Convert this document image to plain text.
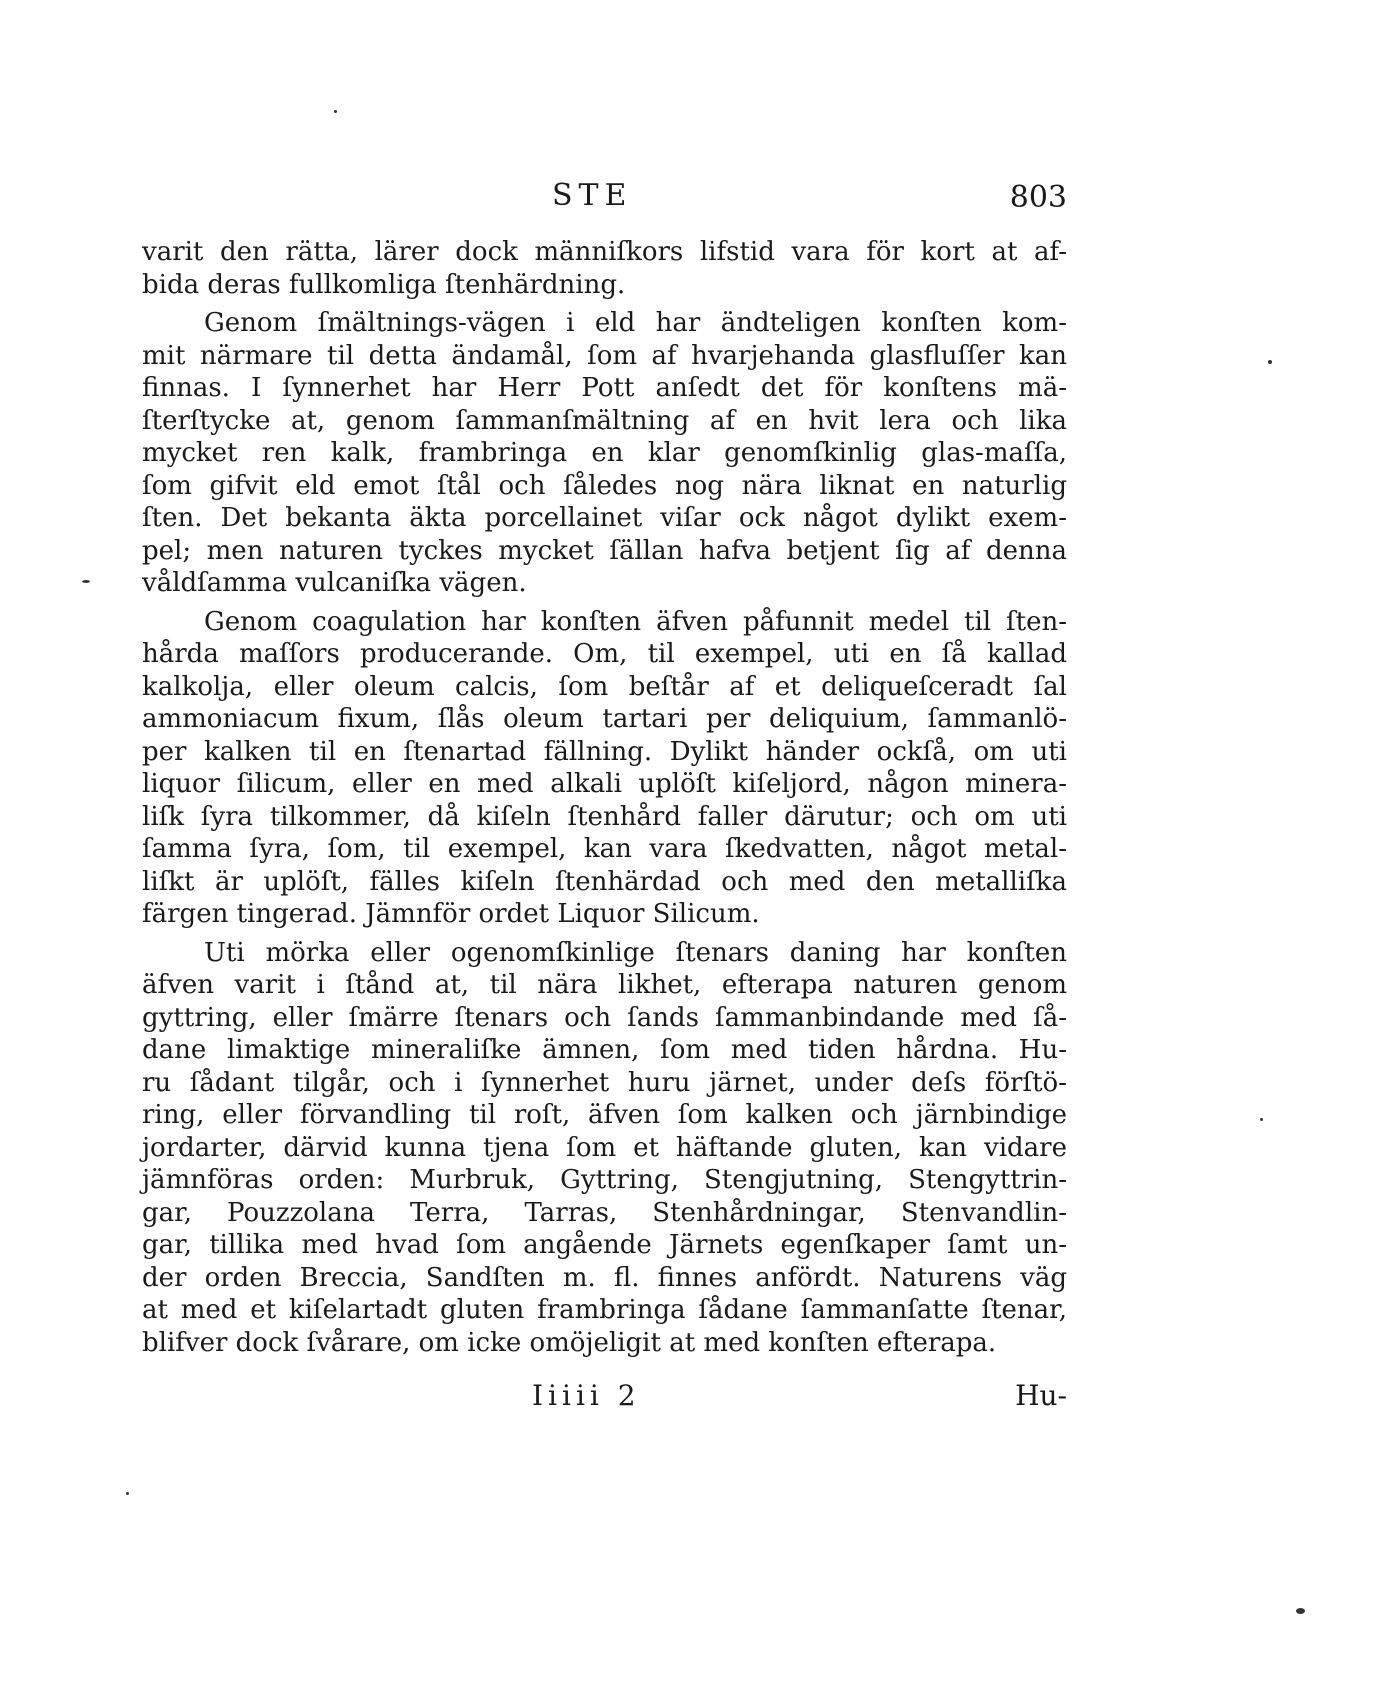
STE	803
varit den rätta, lärer dock männiſkors lifstid vara för kort at af-
bida deras fullkomliga ſtenhärdning.
Genom ſmältnings-vägen i eld har ändteligen konſten kom-
mit närmare til detta ändamål, ſom af hvarjehanda glasfluſſer kan
finnas. I ſynnerhet har Herr Pott anſedt det för konſtens mä-
ſterſtycke at, genom ſammanſmältning af en hvit lera och lika
mycket ren kalk, frambringa en klar genomſkinlig glas-maſſa,
ſom gifvit eld emot ſtål och ſåledes nog nära liknat en naturlig
ſten. Det bekanta äkta porcellainet viſar ock något dylikt exem-
pel; men naturen tyckes mycket ſällan hafva betjent ſig af denna
våldſamma vulcaniſka vägen.
Genom coagulation har konſten äfven påfunnit medel til ſten-
hårda maſſors producerande. Om, til exempel, uti en ſå kallad
kalkolja, eller oleum calcis, ſom beſtår af et deliqueſceradt ſal
ammoniacum fixum, ſlås oleum tartari per deliquium, ſammanlö-
per kalken til en ſtenartad fällning. Dylikt händer ockſå, om uti
liquor ſilicum, eller en med alkali uplöſt kiſeljord, någon minera-
liſk ſyra tilkommer, då kiſeln ſtenhård faller därutur; och om uti
ſamma ſyra, ſom, til exempel, kan vara ſkedvatten, något metal-
liſkt är uplöſt, fälles kiſeln ſtenhärdad och med den metalliſka
färgen tingerad. Jämnför ordet Liquor Silicum.
Uti mörka eller ogenomſkinlige ſtenars daning har konſten
äfven varit i ſtånd at, til nära likhet, efterapa naturen genom
gyttring, eller ſmärre ſtenars och ſands ſammanbindande med ſå-
dane limaktige mineraliſke ämnen, ſom med tiden hårdna. Hu-
ru ſådant tilgår, och i ſynnerhet huru järnet, under deſs förſtö-
ring, eller förvandling til roſt, äfven ſom kalken och järnbindige
jordarter, därvid kunna tjena ſom et häftande gluten, kan vidare
jämnföras orden: Murbruk, Gyttring, Stengjutning, Stengyttrin-
gar, Pouzzolana Terra, Tarras, Stenhårdningar, Stenvandlin-
gar, tillika med hvad ſom angående Järnets egenſkaper ſamt un-
der orden Breccia, Sandſten m. fl. finnes anfördt. Naturens väg
at med et kiſelartadt gluten frambringa ſådane ſammanſatte ſtenar,
blifver dock ſvårare, om icke omöjeligit at med konſten efterapa.
Iiiii 2	Hu-
